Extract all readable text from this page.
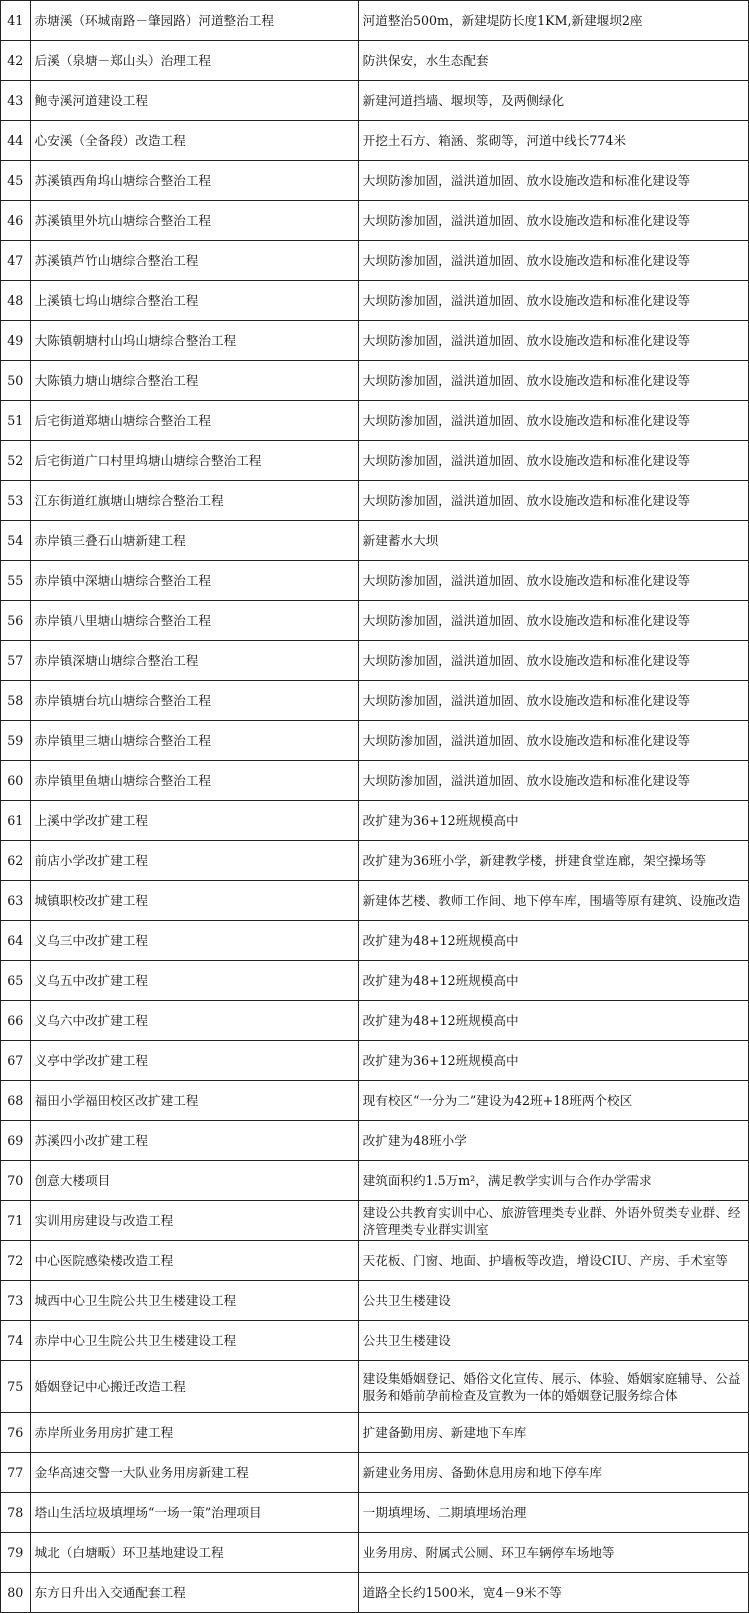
41	赤塘溪（环城南路－肇园路）河道整治工程	河道整治500m，新建堤防长度1KM,新建堰坝2座
42	后溪（泉塘－郑山头）治理工程	防洪保安，水生态配套
43	鲍寺溪河道建设工程	新建河道挡墙、堰坝等，及两侧绿化
44	心安溪（全备段）改造工程	开挖土石方、箱涵、浆砌等，河道中线长774米
45	苏溪镇西角坞山塘综合整治工程	大坝防渗加固，溢洪道加固、放水设施改造和标准化建设等
46	苏溪镇里外坑山塘综合整治工程	大坝防渗加固，溢洪道加固、放水设施改造和标准化建设等
47	苏溪镇芦竹山塘综合整治工程	大坝防渗加固，溢洪道加固、放水设施改造和标准化建设等
48	上溪镇七坞山塘综合整治工程	大坝防渗加固，溢洪道加固、放水设施改造和标准化建设等
49	大陈镇朝塘村山坞山塘综合整治工程	大坝防渗加固，溢洪道加固、放水设施改造和标准化建设等
50	大陈镇力塘山塘综合整治工程	大坝防渗加固，溢洪道加固、放水设施改造和标准化建设等
51	后宅街道郑塘山塘综合整治工程	大坝防渗加固，溢洪道加固、放水设施改造和标准化建设等
52	后宅街道广口村里坞塘山塘综合整治工程	大坝防渗加固，溢洪道加固、放水设施改造和标准化建设等
53	江东街道红旗塘山塘综合整治工程	大坝防渗加固，溢洪道加固、放水设施改造和标准化建设等
54	赤岸镇三叠石山塘新建工程	新建蓄水大坝
55	赤岸镇中深塘山塘综合整治工程	大坝防渗加固，溢洪道加固、放水设施改造和标准化建设等
56	赤岸镇八里塘山塘综合整治工程	大坝防渗加固，溢洪道加固、放水设施改造和标准化建设等
57	赤岸镇深塘山塘综合整治工程	大坝防渗加固，溢洪道加固、放水设施改造和标准化建设等
58	赤岸镇塘台坑山塘综合整治工程	大坝防渗加固，溢洪道加固、放水设施改造和标准化建设等
59	赤岸镇里三塘山塘综合整治工程	大坝防渗加固，溢洪道加固、放水设施改造和标准化建设等
60	赤岸镇里鱼塘山塘综合整治工程	大坝防渗加固，溢洪道加固、放水设施改造和标准化建设等
61	上溪中学改扩建工程	改扩建为36+12班规模高中
62	前店小学改扩建工程	改扩建为36班小学，新建教学楼，拼建食堂连廊，架空操场等
63	城镇职校改扩建工程	新建体艺楼、教师工作间、地下停车库，围墙等原有建筑、设施改造
64	义乌三中改扩建工程	改扩建为48+12班规模高中
65	义乌五中改扩建工程	改扩建为48+12班规模高中
66	义乌六中改扩建工程	改扩建为48+12班规模高中
67	义亭中学改扩建工程	改扩建为36+12班规模高中
68	福田小学福田校区改扩建工程	现有校区“一分为二”建设为42班+18班两个校区
69	苏溪四小改扩建工程	改扩建为48班小学
70	创意大楼项目	建筑面积约1.5万m²，满足教学实训与合作办学需求
71	实训用房建设与改造工程	建设公共教育实训中心、旅游管理类专业群、外语外贸类专业群、经济管理类专业群实训室
72	中心医院感染楼改造工程	天花板、门窗、地面、护墙板等改造，增设CIU、产房、手术室等
73	城西中心卫生院公共卫生楼建设工程	公共卫生楼建设
74	赤岸中心卫生院公共卫生楼建设工程	公共卫生楼建设
75	婚姻登记中心搬迁改造工程	建设集婚姻登记、婚俗文化宣传、展示、体验、婚姻家庭辅导、公益服务和婚前孕前检查及宣教为一体的婚姻登记服务综合体
76	赤岸所业务用房扩建工程	扩建备勤用房、新建地下车库
77	金华高速交警一大队业务用房新建工程	新建业务用房、备勤休息用房和地下停车库
78	塔山生活垃圾填埋场“一场一策”治理项目	一期填埋场、二期填埋场治理
79	城北（白塘畈）环卫基地建设工程	业务用房、附属式公厕、环卫车辆停车场地等
80	东方日升出入交通配套工程	道路全长约1500米，宽4－9米不等
